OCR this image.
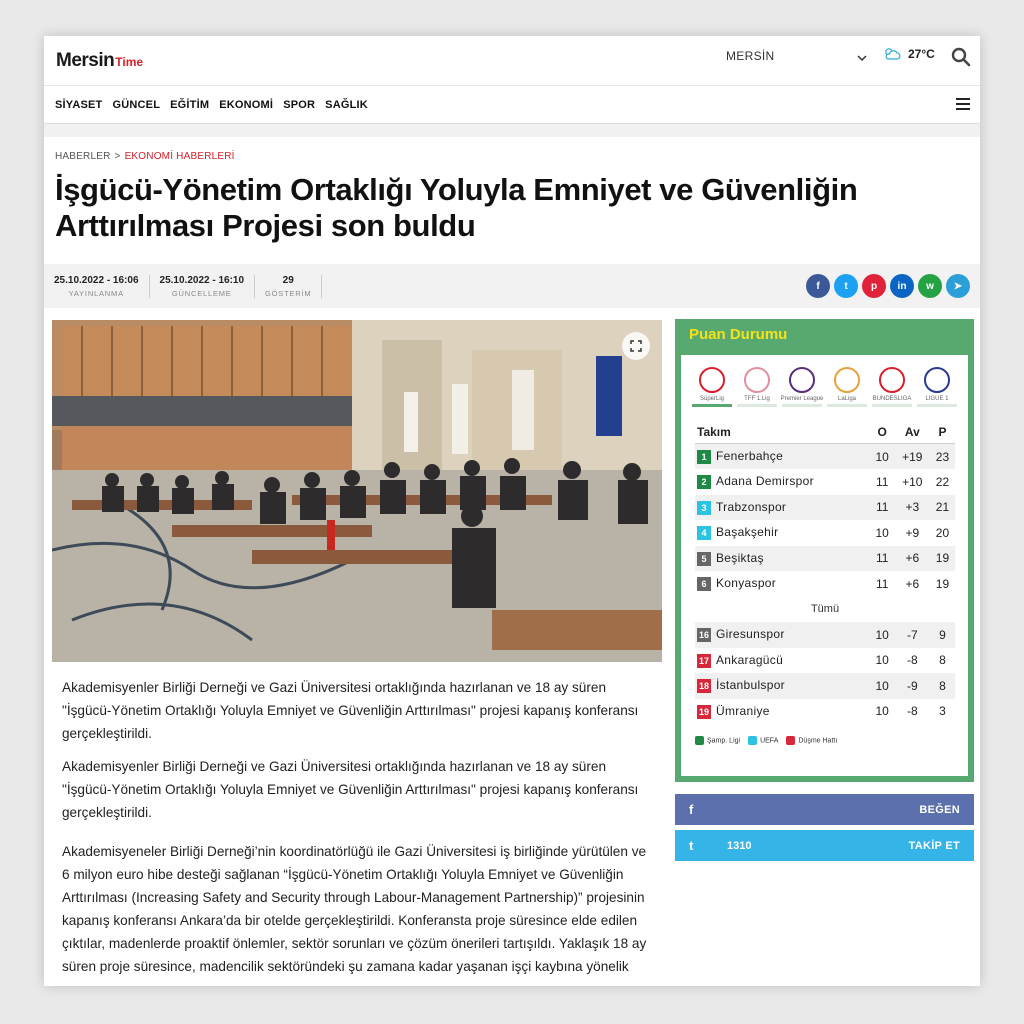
Mersin Time	MERSİN	27°C
SİYASET GÜNCEL EĞİTİM EKONOMİ SPOR SAĞLIK
HABERLER > EKONOMİ HABERLERİ
İşgücü-Yönetim Ortaklığı Yoluyla Emniyet ve Güvenliğin Arttırılması Projesi son buldu
25.10.2022 - 16:06
YAYINLANMA
25.10.2022 - 16:10
GÜNCELLEME
29
GÖSTERİM
f	t	p	in	w	➤

Akademisyenler Birliği Derneği ve Gazi Üniversitesi ortaklığında hazırlanan ve 18 ay süren "İşgücü-Yönetim Ortaklığı Yoluyla Emniyet ve Güvenliğin Arttırılması" projesi kapanış konferansı gerçekleştirildi.

Akademisyenler Birliği Derneği ve Gazi Üniversitesi ortaklığında hazırlanan ve 18 ay süren "İşgücü-Yönetim Ortaklığı Yoluyla Emniyet ve Güvenliğin Arttırılması" projesi kapanış konferansı gerçekleştirildi.

Akademisyeneler Birliği Derneği’nin koordinatörlüğü ile Gazi Üniversitesi iş birliğinde yürütülen ve 6 milyon euro hibe desteği sağlanan “İşgücü-Yönetim Ortaklığı Yoluyla Emniyet ve Güvenliğin Arttırılması (Increasing Safety and Security through Labour-Management Partnership)” projesinin kapanış konferansı Ankara’da bir otelde gerçekleştirildi. Konferansta proje süresince elde edilen çıktılar, madenlerde proaktif önlemler, sektör sorunları ve çözüm önerileri tartışıldı. Yaklaşık 18 ay süren proje süresince, madencilik sektöründeki şu zamana kadar yaşanan işçi kaybına yönelik

Puan Durumu
SüperLig	TFF 1.Lig Premier League LaLiga	BUNDESLIGA LIGUE 1
Takım	O	Av	P
1 Fenerbahçe	10	+19	23
2 Adana Demirspor	11	+10	22
3 Trabzonspor	11	+3	21
4 Başakşehir	10	+9	20
5 Beşiktaş	11	+6	19
6 Konyaspor	11	+6	19
Tümü			
16 Giresunspor	10	-7	9
17 Ankaragücü	10	-8	8
18 İstanbulspor	10	-9	8
19 Ümraniye	10	-8	3
Şamp. Ligi	UEFA	Düşme Hattı
f	BEĞEN
t	1310	TAKİP ET
